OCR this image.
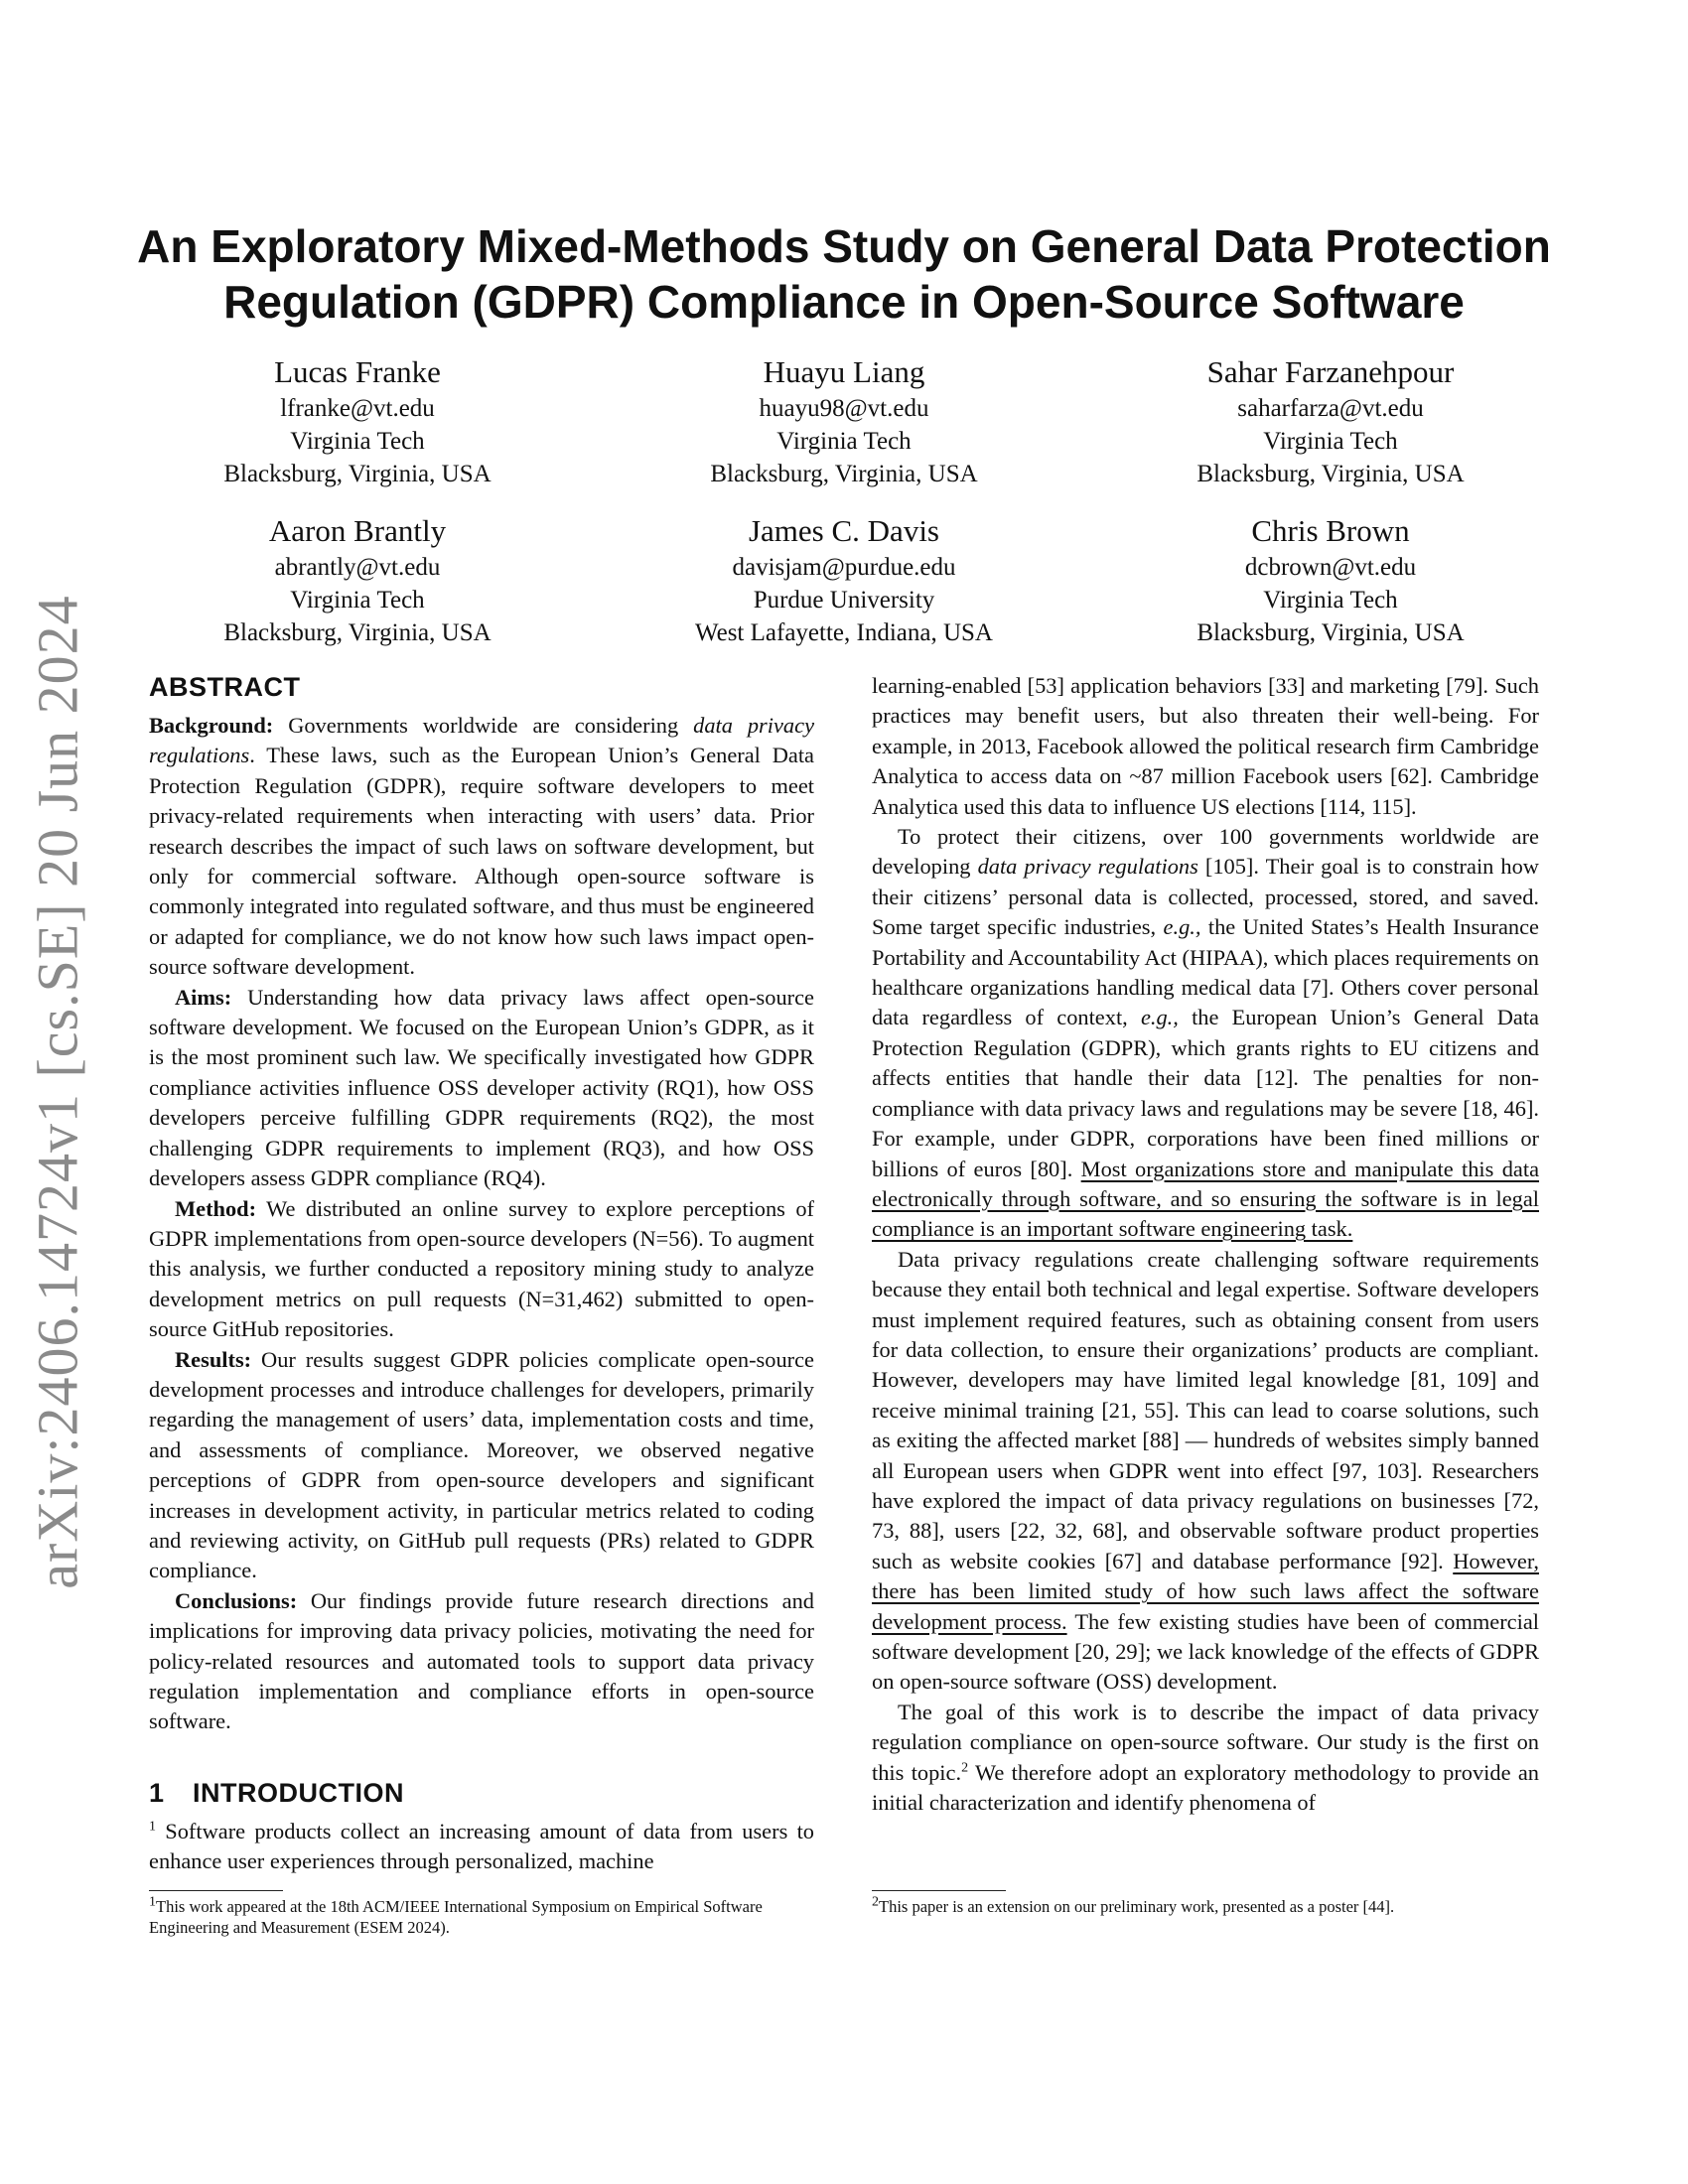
arXiv:2406.14724v1 [cs.SE] 20 Jun 2024
An Exploratory Mixed-Methods Study on General Data Protection
Regulation (GDPR) Compliance in Open-Source Software
Lucas Franke
lfranke@vt.edu
Virginia Tech
Blacksburg, Virginia, USA
Huayu Liang
huayu98@vt.edu
Virginia Tech
Blacksburg, Virginia, USA
Sahar Farzanehpour
saharfarza@vt.edu
Virginia Tech
Blacksburg, Virginia, USA
Aaron Brantly
abrantly@vt.edu
Virginia Tech
Blacksburg, Virginia, USA
James C. Davis
davisjam@purdue.edu
Purdue University
West Lafayette, Indiana, USA
Chris Brown
dcbrown@vt.edu
Virginia Tech
Blacksburg, Virginia, USA
ABSTRACT

Background: Governments worldwide are considering data privacy regulations. These laws, such as the European Union’s General Data Protection Regulation (GDPR), require software developers to meet privacy-related requirements when interacting with users’ data. Prior research describes the impact of such laws on software development, but only for commercial software. Although open-source software is commonly integrated into regulated software, and thus must be engineered or adapted for compliance, we do not know how such laws impact open-source software development.

Aims: Understanding how data privacy laws affect open-source software development. We focused on the European Union’s GDPR, as it is the most prominent such law. We specifically investigated how GDPR compliance activities influence OSS developer activity (RQ1), how OSS developers perceive fulfilling GDPR requirements (RQ2), the most challenging GDPR requirements to implement (RQ3), and how OSS developers assess GDPR compliance (RQ4).

Method: We distributed an online survey to explore perceptions of GDPR implementations from open-source developers (N=56). To augment this analysis, we further conducted a repository mining study to analyze development metrics on pull requests (N=31,462) submitted to open-source GitHub repositories.

Results: Our results suggest GDPR policies complicate open-source development processes and introduce challenges for developers, primarily regarding the management of users’ data, implementation costs and time, and assessments of compliance. Moreover, we observed negative perceptions of GDPR from open-source developers and significant increases in development activity, in particular metrics related to coding and reviewing activity, on GitHub pull requests (PRs) related to GDPR compliance.

Conclusions: Our findings provide future research directions and implications for improving data privacy policies, motivating the need for policy-related resources and automated tools to support data privacy regulation implementation and compliance efforts in open-source software.

1 INTRODUCTION

$^1$ Software products collect an increasing amount of data from users to enhance user experiences through personalized, machine

$^1$This work appeared at the 18th ACM/IEEE International Symposium on Empirical Software Engineering and Measurement (ESEM 2024).

learning-enabled [53] application behaviors [33] and marketing [79]. Such practices may benefit users, but also threaten their well-being. For example, in 2013, Facebook allowed the political research firm Cambridge Analytica to access data on ~87 million Facebook users [62]. Cambridge Analytica used this data to influence US elections [114, 115].

To protect their citizens, over 100 governments worldwide are developing data privacy regulations [105]. Their goal is to constrain how their citizens’ personal data is collected, processed, stored, and saved. Some target specific industries, e.g., the United States’s Health Insurance Portability and Accountability Act (HIPAA), which places requirements on healthcare organizations handling medical data [7]. Others cover personal data regardless of context, e.g., the European Union’s General Data Protection Regulation (GDPR), which grants rights to EU citizens and affects entities that handle their data [12]. The penalties for non-compliance with data privacy laws and regulations may be severe [18, 46]. For example, under GDPR, corporations have been fined millions or billions of euros [80]. Most organizations store and manipulate this data electronically through software, and so ensuring the software is in legal compliance is an important software engineering task.

Data privacy regulations create challenging software requirements because they entail both technical and legal expertise. Software developers must implement required features, such as obtaining consent from users for data collection, to ensure their organizations’ products are compliant. However, developers may have limited legal knowledge [81, 109] and receive minimal training [21, 55]. This can lead to coarse solutions, such as exiting the affected market [88] — hundreds of websites simply banned all European users when GDPR went into effect [97, 103]. Researchers have explored the impact of data privacy regulations on businesses [72, 73, 88], users [22, 32, 68], and observable software product properties such as website cookies [67] and database performance [92]. However, there has been limited study of how such laws affect the software development process. The few existing studies have been of commercial software development [20, 29]; we lack knowledge of the effects of GDPR on open-source software (OSS) development.

The goal of this work is to describe the impact of data privacy regulation compliance on open-source software. Our study is the first on this topic.$^2$ We therefore adopt an exploratory methodology to provide an initial characterization and identify phenomena of

$^2$This paper is an extension on our preliminary work, presented as a poster [44].
